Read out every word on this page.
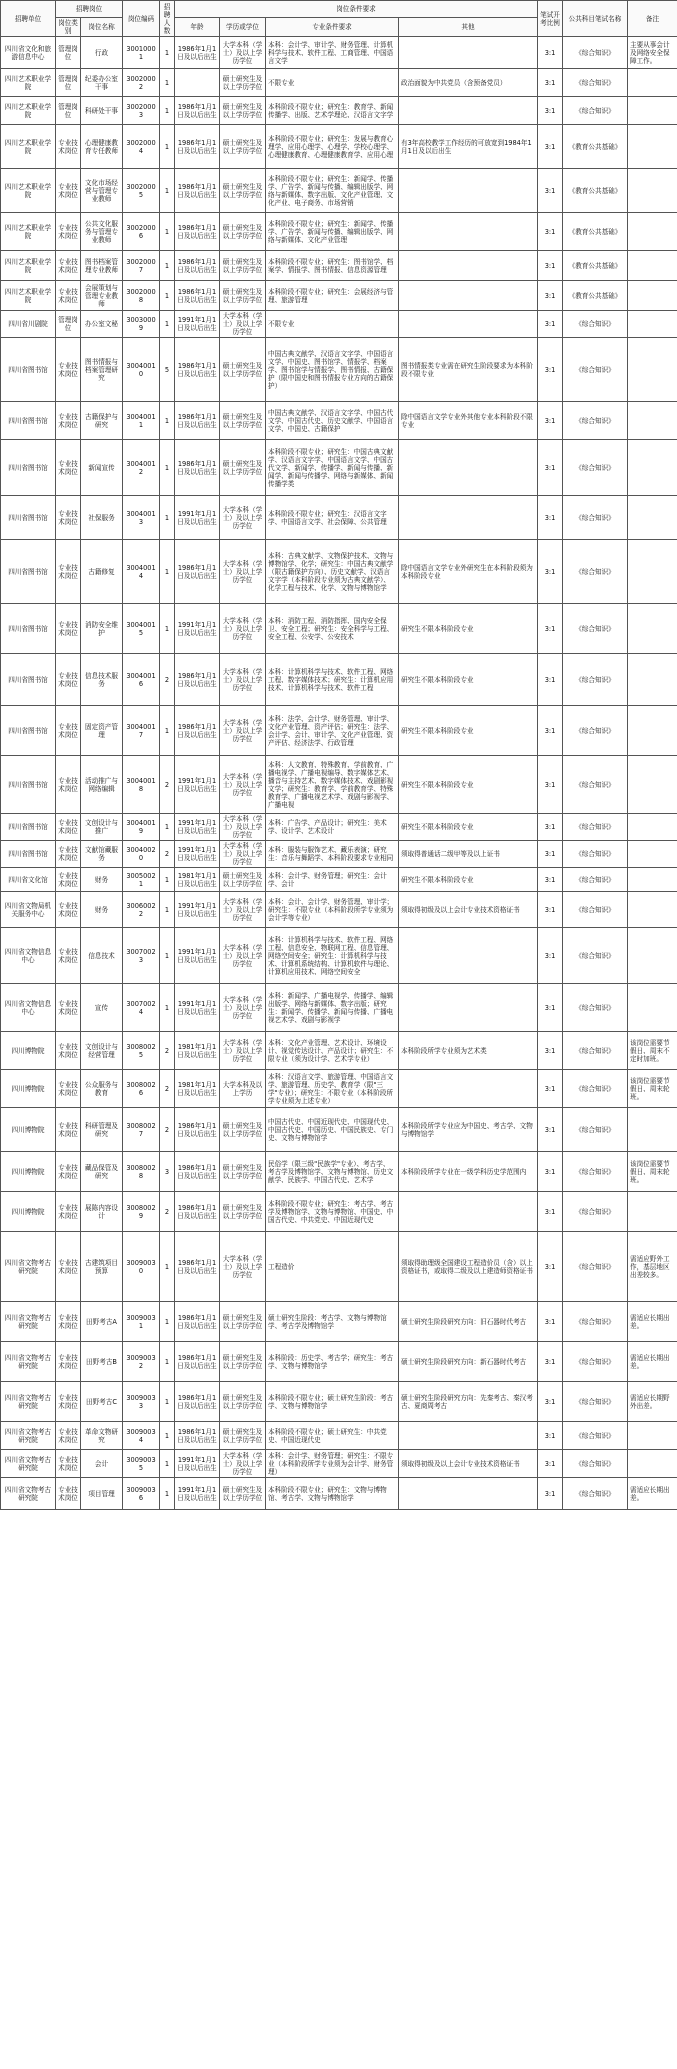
招聘单位	招聘岗位		岗位编码	招聘人数	岗位条件要求				笔试开考比例	公共科目笔试名称	备注
	岗位类别	岗位名称			年龄	学历或学位	专业条件要求	其他			
四川省文化和旅游信息中心	管理岗位	行政	30010001	1	1986年1月1日及以后出生	大学本科（学士）及以上学历学位	本科：会计学、审计学、财务管理、计算机科学与技术、软件工程、工商管理、中国语言文学		3:1	《综合知识》	主要从事会计及网络安全保障工作。
四川艺术职业学院	管理岗位	纪委办公室干事	30020002	1		硕士研究生及以上学历学位	不限专业	政治面貌为中共党员（含预备党员）	3:1	《综合知识》	
四川艺术职业学院	管理岗位	科研处干事	30020003	1	1986年1月1日及以后出生	硕士研究生及以上学历学位	本科阶段不限专业；研究生：教育学、新闻传播学、出版、艺术学理论、汉语言文字学		3:1	《综合知识》	
四川艺术职业学院	专业技术岗位	心理健康教育专任教师	30020004	1	1986年1月1日及以后出生	硕士研究生及以上学历学位	本科阶段不限专业；研究生：发展与教育心理学、应用心理学、心理学、学校心理学、心理健康教育、心理健康教育学、应用心理	有3年高校教学工作经历的可放宽到1984年1月1日及以后出生	3:1	《教育公共基础》	
四川艺术职业学院	专业技术岗位	文化市场经营与管理专业教师	30020005	1	1986年1月1日及以后出生	硕士研究生及以上学历学位	本科阶段不限专业；研究生：新闻学、传播学、广告学、新闻与传播、编辑出版学、网络与新媒体、数字出版、文化产业管理、文化产业、电子商务、市场营销		3:1	《教育公共基础》	
四川艺术职业学院	专业技术岗位	公共文化服务与管理专业教师	30020006	1	1986年1月1日及以后出生	硕士研究生及以上学历学位	本科阶段不限专业；研究生：新闻学、传播学、广告学、新闻与传播、编辑出版学、网络与新媒体、文化产业管理		3:1	《教育公共基础》	
四川艺术职业学院	专业技术岗位	图书档案管理专业教师	30020007	1	1986年1月1日及以后出生	硕士研究生及以上学历学位	本科阶段不限专业；研究生：图书馆学、档案学、情报学、图书情报、信息资源管理		3:1	《教育公共基础》	
四川艺术职业学院	专业技术岗位	会展策划与管理专业教师	30020008	1	1986年1月1日及以后出生	硕士研究生及以上学历学位	本科阶段不限专业；研究生：会展经济与管理、旅游管理		3:1	《教育公共基础》	
四川省川剧院	管理岗位	办公室文秘	30030009	1	1991年1月1日及以后出生	大学本科（学士）及以上学历学位	不限专业		3:1	《综合知识》	
四川省图书馆	专业技术岗位	图书情报与档案管理研究	30040010	5	1986年1月1日及以后出生	硕士研究生及以上学历学位	中国古典文献学、汉语言文字学、中国语言文学、中国史、图书馆学、情报学、档案学、图书馆学与情报学、图书情报、古籍保护（限中国史和图书情报专业方向的古籍保护）	图书情报类专业需在研究生阶段要求为本科阶段不限专业	3:1	《综合知识》	
四川省图书馆	专业技术岗位	古籍保护与研究	30040011	1	1986年1月1日及以后出生	硕士研究生及以上学历学位	中国古典文献学、汉语言文字学、中国古代文学、中国古代史、历史文献学、中国语言文学、中国史、古籍保护	除中国语言文学专业外其他专业本科阶段不限专业	3:1	《综合知识》	
四川省图书馆	专业技术岗位	新闻宣传	30040012	1	1986年1月1日及以后出生	硕士研究生及以上学历学位	本科阶段不限专业；研究生：中国古典文献学、汉语言文字学、中国语言文学、中国古代文学、新闻学、传播学、新闻与传播、新闻学、新闻与传播学、网络与新媒体、新闻传播学类		3:1	《综合知识》	
四川省图书馆	专业技术岗位	社保服务	30040013	1	1991年1月1日及以后出生	大学本科（学士）及以上学历学位	本科阶段不限专业；研究生：汉语言文字学、中国语言文学、社会保障、公共管理		3:1	《综合知识》	
四川省图书馆	专业技术岗位	古籍修复	30040014	1	1986年1月1日及以后出生	大学本科（学士）及以上学历学位	本科：古典文献学、文物保护技术、文物与博物馆学、化学；研究生：中国古典文献学（限古籍保护方向）、历史文献学、汉语言文字学（本科阶段专业须为古典文献学）、化学工程与技术、化学、文物与博物馆学	除中国语言文学专业外研究生在本科阶段须为本科阶段专业	3:1	《综合知识》	
四川省图书馆	专业技术岗位	消防安全维护	30040015	1	1991年1月1日及以后出生	大学本科（学士）及以上学历学位	本科：消防工程、消防指挥、国内安全保卫、安全工程；研究生：安全科学与工程、安全工程、公安学、公安技术	研究生不限本科阶段专业	3:1	《综合知识》	
四川省图书馆	专业技术岗位	信息技术服务	30040016	2	1986年1月1日及以后出生	大学本科（学士）及以上学历学位	本科：计算机科学与技术、软件工程、网络工程、数字媒体技术；研究生：计算机应用技术、计算机科学与技术、软件工程	研究生不限本科阶段专业	3:1	《综合知识》	
四川省图书馆	专业技术岗位	固定资产管理	30040017	1	1986年1月1日及以后出生	大学本科（学士）及以上学历学位	本科：法学、会计学、财务管理、审计学、文化产业管理、资产评估；研究生：法学、会计学、会计、审计学、文化产业管理、资产评估、经济法学、行政管理	研究生不限本科阶段专业	3:1	《综合知识》	
四川省图书馆	专业技术岗位	活动推广与网络编辑	30040018	2	1991年1月1日及以后出生	大学本科（学士）及以上学历学位	本科：人文教育、特殊教育、学前教育、广播电视学、广播电视编导、数字媒体艺术、播音与主持艺术、数字媒体技术、戏剧影视文学；研究生：教育学、学前教育学、特殊教育学、广播电视艺术学、戏剧与影视学、广播电视	研究生不限本科阶段专业	3:1	《综合知识》	
四川省图书馆	专业技术岗位	文创设计与推广	30040019	1	1991年1月1日及以后出生	大学本科（学士）及以上学历学位	本科：广告学、产品设计；研究生：美术学、设计学、艺术设计	研究生不限本科阶段专业	3:1	《综合知识》	
四川省图书馆	专业技术岗位	文献馆藏服务	30040020	2	1991年1月1日及以后出生	大学本科（学士）及以上学历学位	本科：服装与服饰艺术、藏乐表演；研究生：音乐与舞蹈学、本科阶段要求专业相同	须取得普通话二级甲等及以上证书	3:1	《综合知识》	
四川省文化馆	专业技术岗位	财务	30050021	1	1981年1月1日及以后出生	硕士研究生及以上学历学位	本科：会计学、财务管理；研究生：会计学、会计	研究生不限本科阶段专业	3:1	《综合知识》	
四川省文物局机关服务中心	专业技术岗位	财务	30060022	1	1991年1月1日及以后出生	大学本科（学士）及以上学历学位	本科：会计、会计学、财务管理、审计学；研究生：不限专业（本科阶段所学专业须为会计学等专业）	须取得初级及以上会计专业技术资格证书	3:1	《综合知识》	
四川省文物信息中心	专业技术岗位	信息技术	30070023	1	1991年1月1日及以后出生	大学本科（学士）及以上学历学位	本科：计算机科学与技术、软件工程、网络工程、信息安全、物联网工程、信息管理、网络空间安全；研究生：计算机科学与技术、计算机系统结构、计算机软件与理论、计算机应用技术、网络空间安全		3:1	《综合知识》	
四川省文物信息中心	专业技术岗位	宣传	30070024	1	1991年1月1日及以后出生	大学本科（学士）及以上学历学位	本科：新闻学、广播电视学、传播学、编辑出版学、网络与新媒体、数字出版；研究生：新闻学、传播学、新闻与传播、广播电视艺术学、戏剧与影视学		3:1	《综合知识》	
四川博物院	专业技术岗位	文创设计与经营管理	30080025	2	1981年1月1日及以后出生	大学本科（学士）及以上学历学位	本科：文化产业管理、艺术设计、环境设计、视觉传达设计、产品设计；研究生：不限专业（须为设计学、艺术学专业）	本科阶段所学专业须为艺术类	3:1	《综合知识》	该岗位需要节假日、周末不定时加班。
四川博物院	专业技术岗位	公众服务与教育	30080026	2	1981年1月1日及以后出生	大学本科及以上学历	本科：汉语言文学、旅游管理、中国语言文学、旅游管理、历史学、教育学（限"三学"专业）；研究生：不限专业（本科阶段所学专业须为上述专业）		3:1	《综合知识》	该岗位需要节假日、周末轮班。
四川博物院	专业技术岗位	科研管理及研究	30080027	2	1986年1月1日及以后出生	硕士研究生及以上学历学位	中国古代史、中国近现代史、中国现代史、中国古代史、中国历史、中国民族史、专门史、文物与博物馆学	本科阶段所学专业应为中国史、考古学、文物与博物馆学	3:1	《综合知识》	
四川博物院	专业技术岗位	藏品保管及研究	30080028	3	1986年1月1日及以后出生	硕士研究生及以上学历学位	民俗学（限三级"民族学"专业）、考古学、考古学及博物馆学、文物与博物馆、历史文献学、民族学、中国古代史、艺术学	本科阶段所学专业在一级学科历史学范围内	3:1	《综合知识》	该岗位需要节假日、周末轮班。
四川博物院	专业技术岗位	展陈内容设计	30080029	2	1986年1月1日及以后出生	硕士研究生及以上学历学位	本科阶段不限专业；研究生：考古学、考古学及博物馆学、文物与博物馆、中国史、中国古代史、中共党史、中国近现代史		3:1	《综合知识》	
四川省文物考古研究院	专业技术岗位	古建筑项目预算	30090030	1	1986年1月1日及以后出生	大学本科（学士）及以上学历学位	工程造价	须取得助理级全国建设工程造价员（含）以上资格证书，或取得二级及以上建造师资格证书	3:1	《综合知识》	需适应野外工作，基层地区出差较多。
四川省文物考古研究院	专业技术岗位	田野考古A	30090031	1	1986年1月1日及以后出生	硕士研究生及以上学历学位	硕士研究生阶段：考古学、文物与博物馆学、考古学及博物馆学	硕士研究生阶段研究方向：旧石器时代考古	3:1	《综合知识》	需适应长期出差。
四川省文物考古研究院	专业技术岗位	田野考古B	30090032	1	1986年1月1日及以后出生	硕士研究生及以上学历学位	本科阶段：历史学、考古学；研究生：考古学、文物与博物馆学	硕士研究生阶段研究方向：新石器时代考古	3:1	《综合知识》	需适应长期出差。
四川省文物考古研究院	专业技术岗位	田野考古C	30090033	1	1986年1月1日及以后出生	硕士研究生及以上学历学位	本科阶段不限专业；硕士研究生阶段：考古学、文物与博物馆学	硕士研究生阶段研究方向：先秦考古、秦汉考古、夏商周考古	3:1	《综合知识》	需适应长期野外出差。
四川省文物考古研究院	专业技术岗位	革命文物研究	30090034	1	1986年1月1日及以后出生	硕士研究生及以上学历学位	本科阶段不限专业；硕士研究生：中共党史、中国近现代史		3:1	《综合知识》	
四川省文物考古研究院	专业技术岗位	会计	30090035	1	1991年1月1日及以后出生	大学本科（学士）及以上学历学位	本科：会计学、财务管理；研究生：不限专业（本科阶段所学专业须为会计学、财务管理）	须取得初级及以上会计专业技术资格证书	3:1	《综合知识》	
四川省文物考古研究院	专业技术岗位	项目管理	30090036	1	1991年1月1日及以后出生	硕士研究生及以上学历学位	本科阶段不限专业；研究生：文物与博物馆、考古学、文物与博物馆学		3:1	《综合知识》	需适应长期出差。
